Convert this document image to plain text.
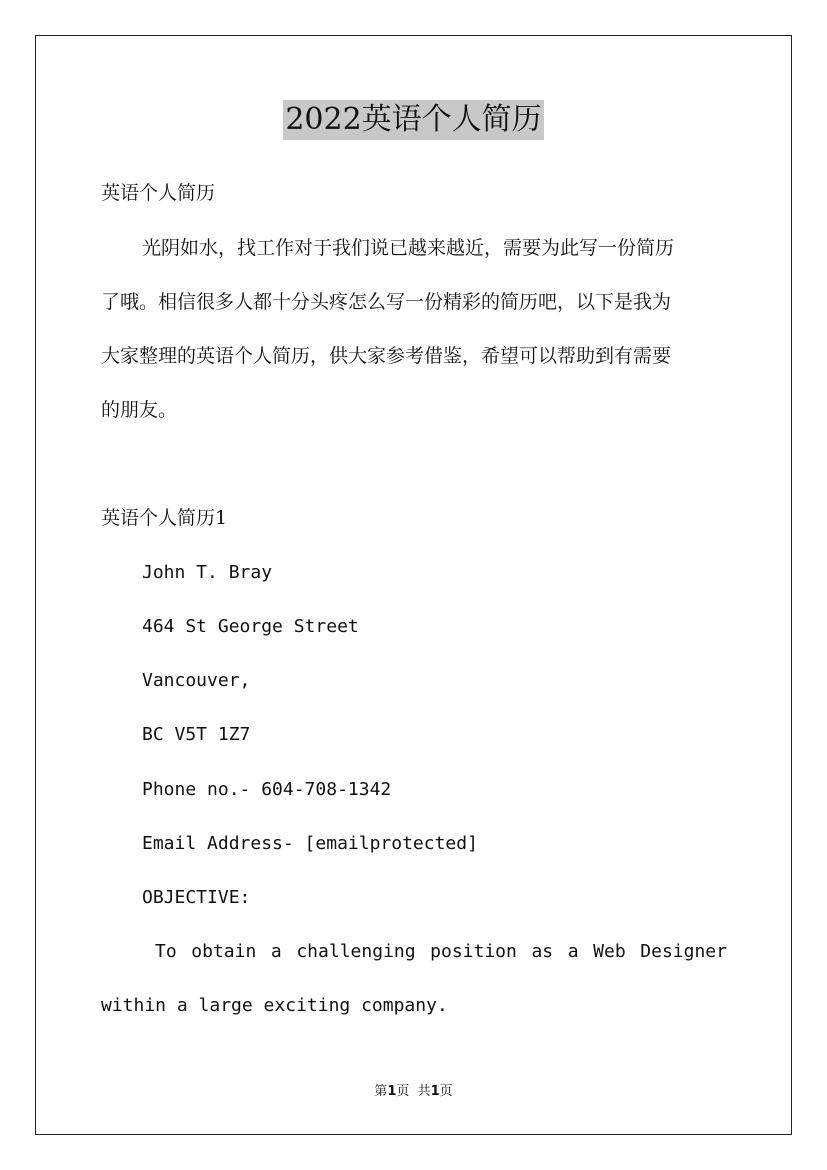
2022英语个人简历
英语个人简历
光阴如水，找工作对于我们说已越来越近，需要为此写一份简历
了哦。相信很多人都十分头疼怎么写一份精彩的简历吧，以下是我为
大家整理的英语个人简历，供大家参考借鉴，希望可以帮助到有需要
的朋友。
英语个人简历1
John T. Bray
464 St George Street
Vancouver,
BC V5T 1Z7
Phone no.- 604-708-1342
Email Address- [emailprotected]
OBJECTIVE:
To obtain a challenging position as a Web Designer
within a large exciting company.
第1页  共1页
